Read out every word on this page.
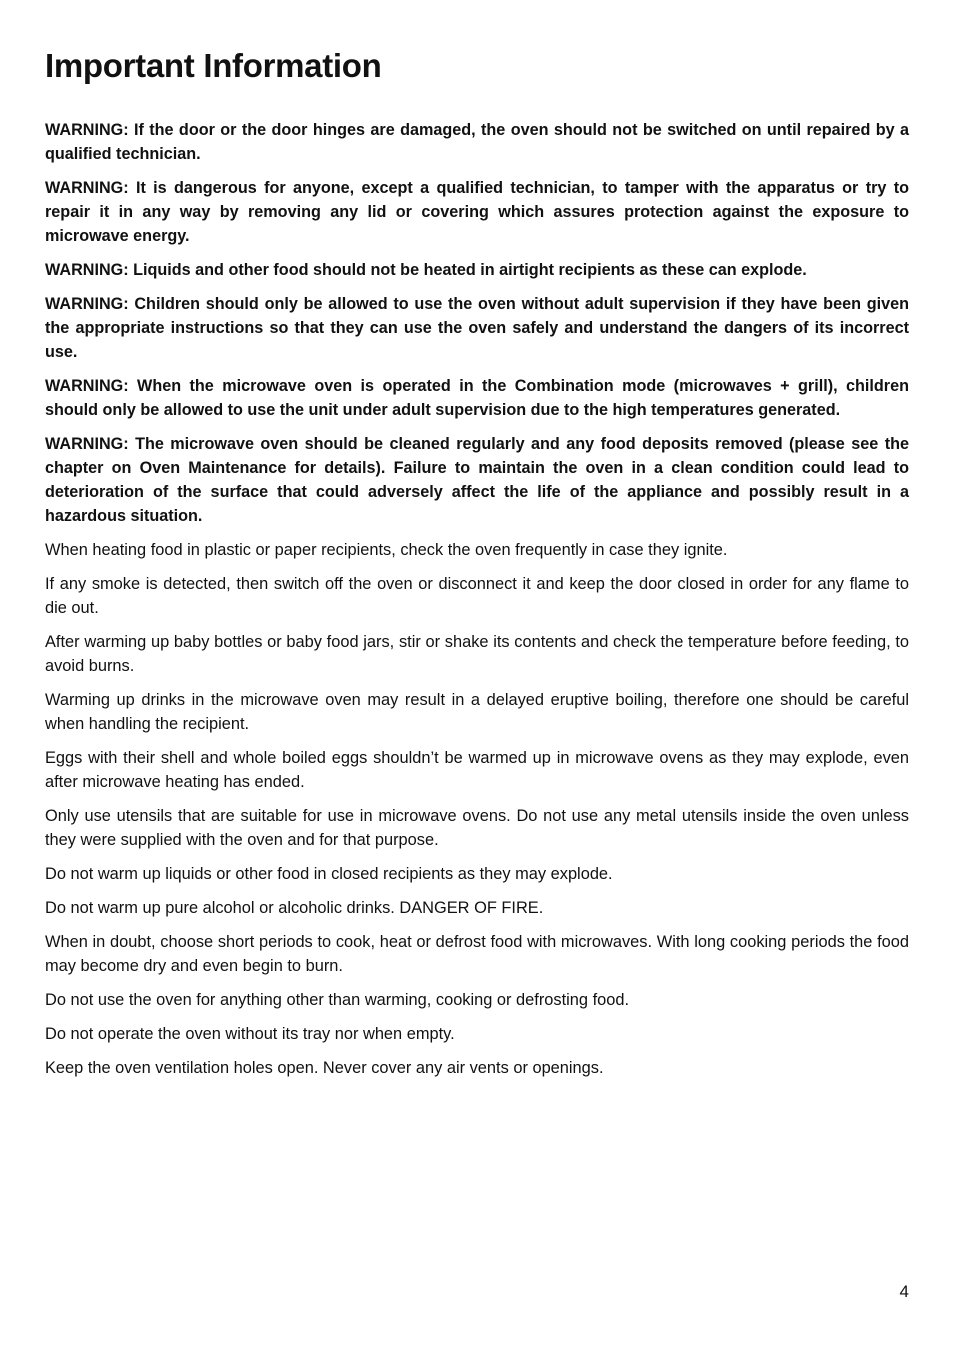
Important Information

WARNING: If the door or the door hinges are damaged, the oven should not be switched on until repaired by a qualified technician.

WARNING: It is dangerous for anyone, except a qualified technician, to tamper with the apparatus or try to repair it in any way by removing any lid or covering which assures protection against the exposure to microwave energy.

WARNING: Liquids and other food should not be heated in airtight recipients as these can explode.

WARNING: Children should only be allowed to use the oven without adult supervision if they have been given the appropriate instructions so that they can use the oven safely and understand the dangers of its incorrect use.

WARNING: When the microwave oven is operated in the Combination mode (microwaves + grill), children should only be allowed to use the unit under adult supervision due to the high temperatures generated.

WARNING: The microwave oven should be cleaned regularly and any food deposits removed (please see the chapter on Oven Maintenance for details). Failure to maintain the oven in a clean condition could lead to deterioration of the surface that could adversely affect the life of the appliance and possibly result in a hazardous situation.

When heating food in plastic or paper recipients, check the oven frequently in case they ignite.

If any smoke is detected, then switch off the oven or disconnect it and keep the door closed in order for any flame to die out.

After warming up baby bottles or baby food jars, stir or shake its contents and check the temperature before feeding, to avoid burns.

Warming up drinks in the microwave oven may result in a delayed eruptive boiling, therefore one should be careful when handling the recipient.

Eggs with their shell and whole boiled eggs shouldn’t be warmed up in microwave ovens as they may explode, even after microwave heating has ended.

Only use utensils that are suitable for use in microwave ovens. Do not use any metal utensils inside the oven unless they were supplied with the oven and for that purpose.

Do not warm up liquids or other food in closed recipients as they may explode.

Do not warm up pure alcohol or alcoholic drinks. DANGER OF FIRE.

When in doubt, choose short periods to cook, heat or defrost food with microwaves. With long cooking periods the food may become dry and even begin to burn.

Do not use the oven for anything other than warming, cooking or defrosting food.

Do not operate the oven without its tray nor when empty.

Keep the oven ventilation holes open. Never cover any air vents or openings.

4
